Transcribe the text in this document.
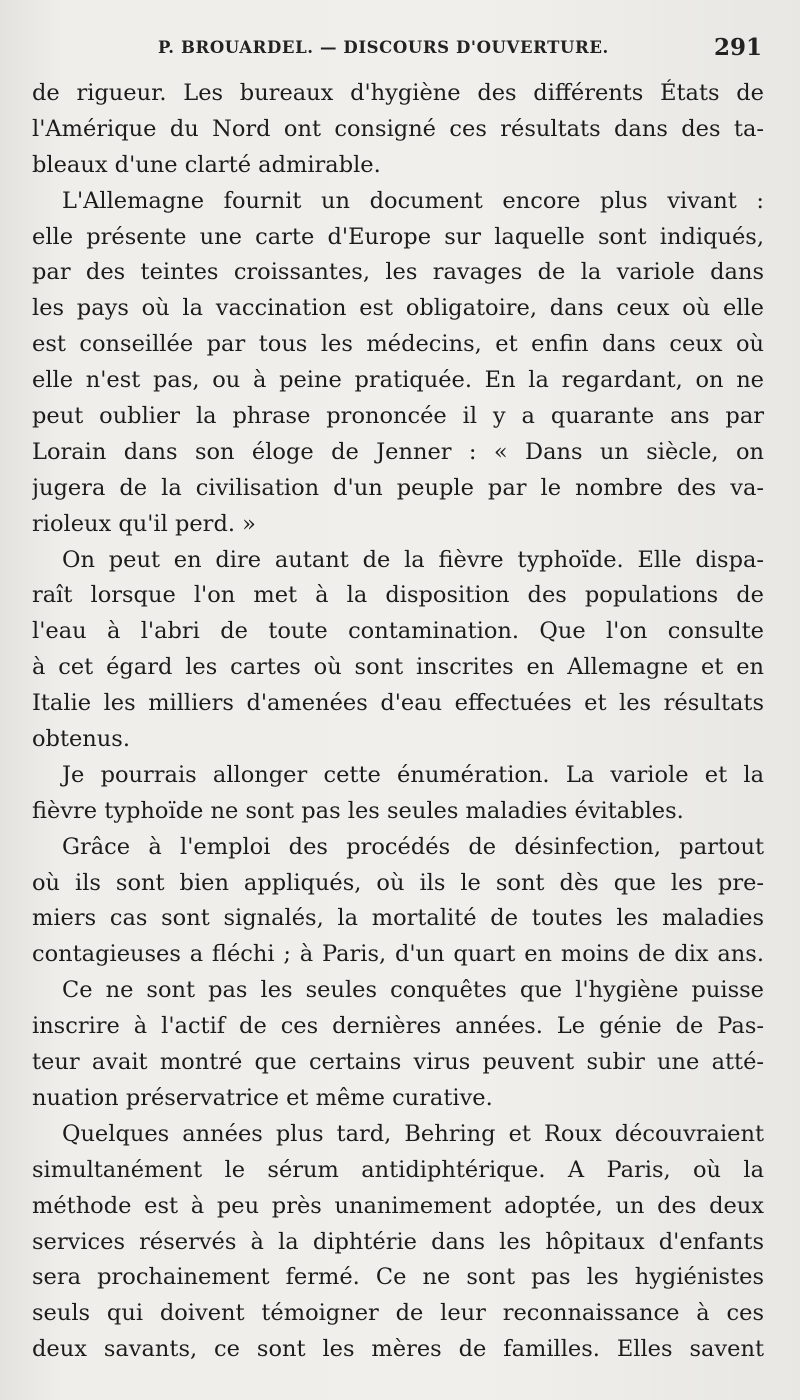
P. BROUARDEL. — DISCOURS D'OUVERTURE.	291
de rigueur. Les bureaux d'hygiène des différents États de
l'Amérique du Nord ont consigné ces résultats dans des ta-
bleaux d'une clarté admirable.
L'Allemagne fournit un document encore plus vivant :
elle présente une carte d'Europe sur laquelle sont indiqués,
par des teintes croissantes, les ravages de la variole dans
les pays où la vaccination est obligatoire, dans ceux où elle
est conseillée par tous les médecins, et enfin dans ceux où
elle n'est pas, ou à peine pratiquée. En la regardant, on ne
peut oublier la phrase prononcée il y a quarante ans par
Lorain dans son éloge de Jenner : « Dans un siècle, on
jugera de la civilisation d'un peuple par le nombre des va-
rioleux qu'il perd. »
On peut en dire autant de la fièvre typhoïde. Elle dispa-
raît lorsque l'on met à la disposition des populations de
l'eau à l'abri de toute contamination. Que l'on consulte
à cet égard les cartes où sont inscrites en Allemagne et en
Italie les milliers d'amenées d'eau effectuées et les résultats
obtenus.
Je pourrais allonger cette énumération. La variole et la
fièvre typhoïde ne sont pas les seules maladies évitables.
Grâce à l'emploi des procédés de désinfection, partout
où ils sont bien appliqués, où ils le sont dès que les pre-
miers cas sont signalés, la mortalité de toutes les maladies
contagieuses a fléchi ; à Paris, d'un quart en moins de dix ans.
Ce ne sont pas les seules conquêtes que l'hygiène puisse
inscrire à l'actif de ces dernières années. Le génie de Pas-
teur avait montré que certains virus peuvent subir une atté-
nuation préservatrice et même curative.
Quelques années plus tard, Behring et Roux découvraient
simultanément le sérum antidiphtérique. A Paris, où la
méthode est à peu près unanimement adoptée, un des deux
services réservés à la diphtérie dans les hôpitaux d'enfants
sera prochainement fermé. Ce ne sont pas les hygiénistes
seuls qui doivent témoigner de leur reconnaissance à ces
deux savants, ce sont les mères de familles. Elles savent
